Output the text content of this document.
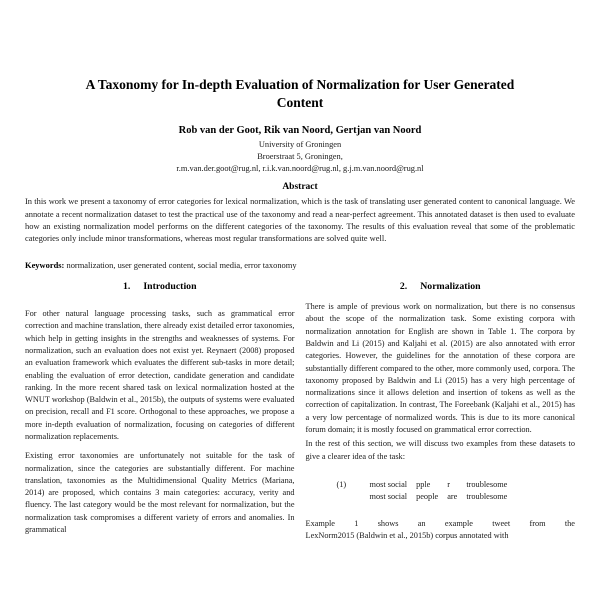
A Taxonomy for In-depth Evaluation of Normalization for User Generated Content
Rob van der Goot, Rik van Noord, Gertjan van Noord
University of Groningen
Broerstraat 5, Groningen,
r.m.van.der.goot@rug.nl, r.i.k.van.noord@rug.nl, g.j.m.van.noord@rug.nl
Abstract

In this work we present a taxonomy of error categories for lexical normalization, which is the task of translating user generated content to canonical language. We annotate a recent normalization dataset to test the practical use of the taxonomy and read a near-perfect agreement. This annotated dataset is then used to evaluate how an existing normalization model performs on the different categories of the taxonomy. The results of this evaluation reveal that some of the problematic categories only include minor transformations, whereas most regular transformations are solved quite well.

Keywords: normalization, user generated content, social media, error taxonomy

1. Introduction

For other natural language processing tasks, such as grammatical error correction and machine translation, there already exist detailed error taxonomies, which help in getting insights in the strengths and weaknesses of systems. For normalization, such an evaluation does not exist yet. Reynaert (2008) proposed an evaluation framework which evaluates the different sub-tasks in more detail; enabling the evaluation of error detection, candidate generation and candidate ranking. In the more recent shared task on lexical normalization hosted at the WNUT workshop (Baldwin et al., 2015b), the outputs of systems were evaluated on precision, recall and F1 score. Orthogonal to these approaches, we propose a more in-depth evaluation of normalization, focusing on categories of different normalization replacements.

Existing error taxonomies are unfortunately not suitable for the task of normalization, since the categories are substantially different. For machine translation, taxonomies as the Multidimensional Quality Metrics (Mariana, 2014) are proposed, which contains 3 main categories: accuracy, verity and fluency. The last category would be the most relevant for normalization, but the normalization task compromises a different variety of errors and anomalies. In grammatical

2. Normalization

There is ample of previous work on normalization, but there is no consensus about the scope of the normalization task. Some existing corpora with normalization annotation for English are shown in Table 1. The corpora by Baldwin and Li (2015) and Kaljahi et al. (2015) are also annotated with error categories. However, the guidelines for the annotation of these corpora are substantially different compared to the other, more commonly used, corpora. The taxonomy proposed by Baldwin and Li (2015) has a very high percentage of normalizations since it allows deletion and insertion of tokens as well as the correction of capitalization. In contrast, The Foreebank (Kaljahi et al., 2015) has a very low percentage of normalized words. This is due to its more canonical forum domain; it is mostly focused on grammatical error correction.

In the rest of this section, we will discuss two examples from these datasets to give a clearer idea of the task:

(1)	most social pple r troublesome
most social people are troublesome

Example 1 shows an example tweet from the

LexNorm2015 (Baldwin et al., 2015b) corpus annotated with
